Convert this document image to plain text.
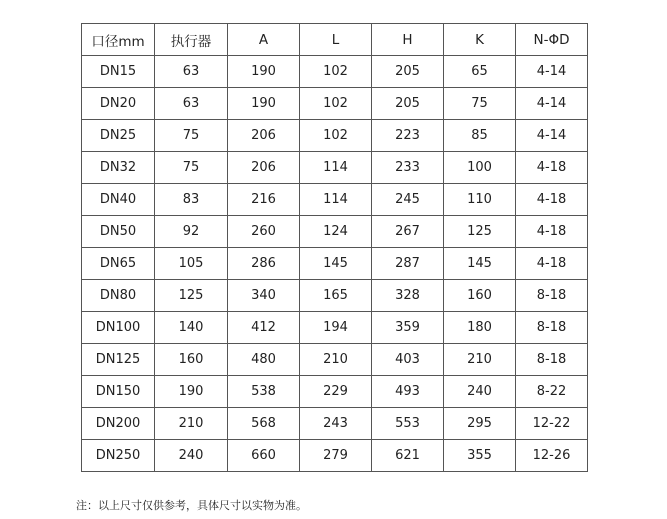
口径mm	执行器	A	L	H	K	N-ΦD
DN15	63	190	102	205	65	4-14
DN20	63	190	102	205	75	4-14
DN25	75	206	102	223	85	4-14
DN32	75	206	114	233	100	4-18
DN40	83	216	114	245	110	4-18
DN50	92	260	124	267	125	4-18
DN65	105	286	145	287	145	4-18
DN80	125	340	165	328	160	8-18
DN100	140	412	194	359	180	8-18
DN125	160	480	210	403	210	8-18
DN150	190	538	229	493	240	8-22
DN200	210	568	243	553	295	12-22
DN250	240	660	279	621	355	12-26
注：以上尺寸仅供参考，具体尺寸以实物为准。
